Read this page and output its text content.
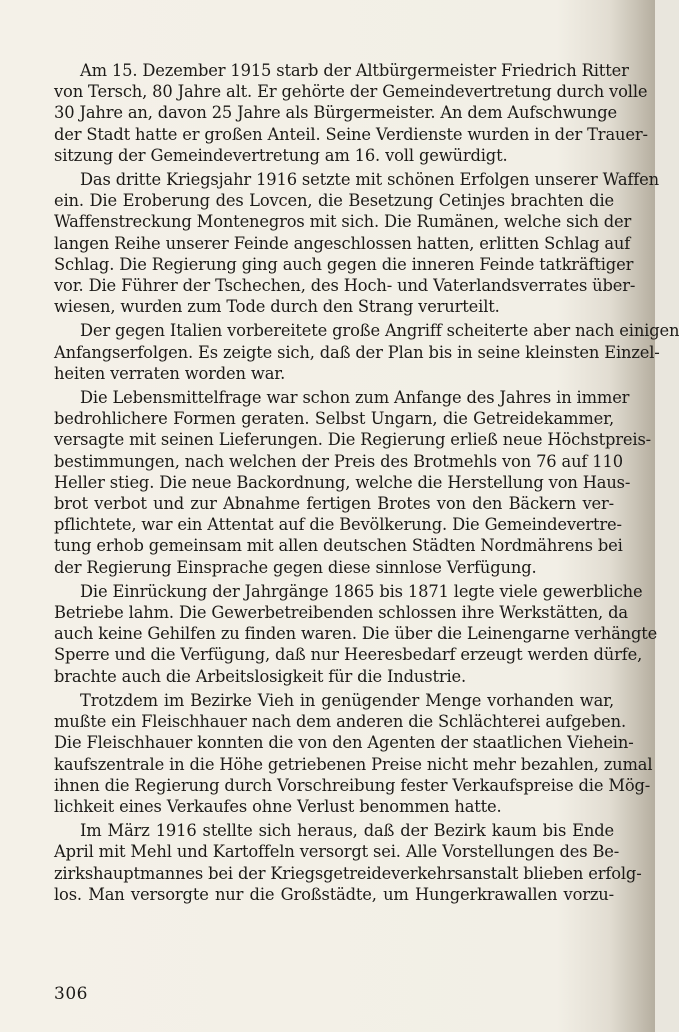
Am 15. Dezember 1915 starb der Altbürgermeister Friedrich Ritter
von Tersch, 80 Jahre alt. Er gehörte der Gemeindevertretung durch volle
30 Jahre an, davon 25 Jahre als Bürgermeister. An dem Aufschwunge
der Stadt hatte er großen Anteil. Seine Verdienste wurden in der Trauer-
sitzung der Gemeindevertretung am 16. voll gewürdigt.
Das dritte Kriegsjahr 1916 setzte mit schönen Erfolgen unserer Waffen
ein. Die Eroberung des Lovcen, die Besetzung Cetinjes brachten die
Waffenstreckung Montenegros mit sich. Die Rumänen, welche sich der
langen Reihe unserer Feinde angeschlossen hatten, erlitten Schlag auf
Schlag. Die Regierung ging auch gegen die inneren Feinde tatkräftiger
vor. Die Führer der Tschechen, des Hoch- und Vaterlandsverrates über-
wiesen, wurden zum Tode durch den Strang verurteilt.
Der gegen Italien vorbereitete große Angriff scheiterte aber nach einigen
Anfangserfolgen. Es zeigte sich, daß der Plan bis in seine kleinsten Einzel-
heiten verraten worden war.
Die Lebensmittelfrage war schon zum Anfange des Jahres in immer
bedrohlichere Formen geraten. Selbst Ungarn, die Getreidekammer,
versagte mit seinen Lieferungen. Die Regierung erließ neue Höchstpreis-
bestimmungen, nach welchen der Preis des Brotmehls von 76 auf 110
Heller stieg. Die neue Backordnung, welche die Herstellung von Haus-
brot verbot und zur Abnahme fertigen Brotes von den Bäckern ver-
pflichtete, war ein Attentat auf die Bevölkerung. Die Gemeindevertre-
tung erhob gemeinsam mit allen deutschen Städten Nordmährens bei
der Regierung Einsprache gegen diese sinnlose Verfügung.
Die Einrückung der Jahrgänge 1865 bis 1871 legte viele gewerbliche
Betriebe lahm. Die Gewerbetreibenden schlossen ihre Werkstätten, da
auch keine Gehilfen zu finden waren. Die über die Leinengarne verhängte
Sperre und die Verfügung, daß nur Heeresbedarf erzeugt werden dürfe,
brachte auch die Arbeitslosigkeit für die Industrie.
Trotzdem im Bezirke Vieh in genügender Menge vorhanden war,
mußte ein Fleischhauer nach dem anderen die Schlächterei aufgeben.
Die Fleischhauer konnten die von den Agenten der staatlichen Viehein-
kaufszentrale in die Höhe getriebenen Preise nicht mehr bezahlen, zumal
ihnen die Regierung durch Vorschreibung fester Verkaufspreise die Mög-
lichkeit eines Verkaufes ohne Verlust benommen hatte.
Im März 1916 stellte sich heraus, daß der Bezirk kaum bis Ende
April mit Mehl und Kartoffeln versorgt sei. Alle Vorstellungen des Be-
zirkshauptmannes bei der Kriegsgetreideverkehrsanstalt blieben erfolg-
los. Man versorgte nur die Großstädte, um Hungerkrawallen vorzu-
306
